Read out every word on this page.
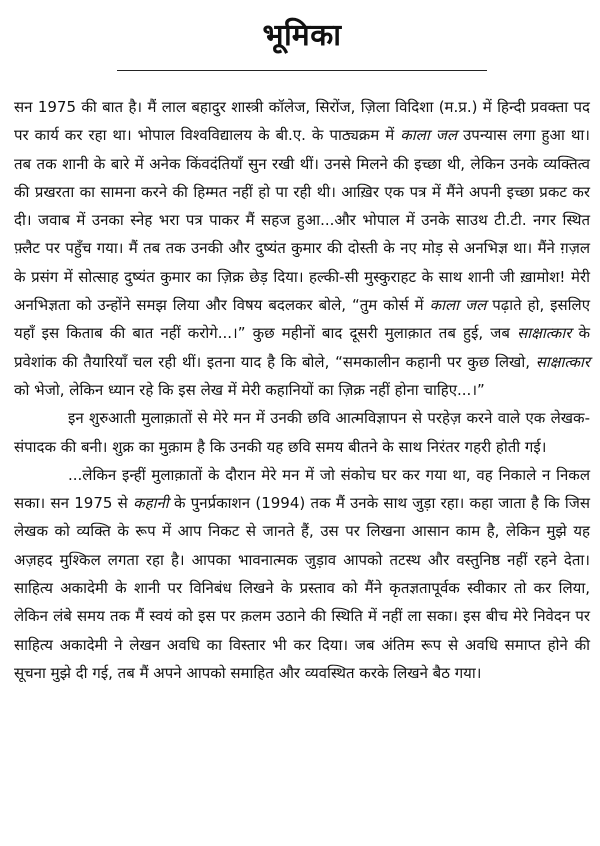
भूमिका

सन 1975 की बात है। मैं लाल बहादुर शास्त्री कॉलेज, सिरोंज, ज़िला विदिशा (म.प्र.) में हिन्दी प्रवक्ता पद पर कार्य कर रहा था। भोपाल विश्वविद्यालय के बी.ए. के पाठ्यक्रम में काला जल उपन्यास लगा हुआ था। तब तक शानी के बारे में अनेक किंवदंतियाँ सुन रखी थीं। उनसे मिलने की इच्छा थी, लेकिन उनके व्यक्तित्व की प्रखरता का सामना करने की हिम्मत नहीं हो पा रही थी। आख़िर एक पत्र में मैंने अपनी इच्छा प्रकट कर दी। जवाब में उनका स्नेह भरा पत्र पाकर मैं सहज हुआ...और भोपाल में उनके साउथ टी.टी. नगर स्थित फ़्लैट पर पहुँच गया। मैं तब तक उनकी और दुष्यंत कुमार की दोस्ती के नए मोड़ से अनभिज्ञ था। मैंने ग़ज़ल के प्रसंग में सोत्साह दुष्यंत कुमार का ज़िक्र छेड़ दिया। हल्की-सी मुस्कुराहट के साथ शानी जी ख़ामोश! मेरी अनभिज्ञता को उन्होंने समझ लिया और विषय बदलकर बोले, “तुम कोर्स में काला जल पढ़ाते हो, इसलिए यहाँ इस किताब की बात नहीं करोगे...।” कुछ महीनों बाद दूसरी मुलाक़ात तब हुई, जब साक्षात्कार के प्रवेशांक की तैयारियाँ चल रही थीं। इतना याद है कि बोले, “समकालीन कहानी पर कुछ लिखो, साक्षात्कार को भेजो, लेकिन ध्यान रहे कि इस लेख में मेरी कहानियों का ज़िक्र नहीं होना चाहिए...।”

इन शुरुआती मुलाक़ातों से मेरे मन में उनकी छवि आत्मविज्ञापन से परहेज़ करने वाले एक लेखक-संपादक की बनी। शुक्र का मुक़ाम है कि उनकी यह छवि समय बीतने के साथ निरंतर गहरी होती गई।

...लेकिन इन्हीं मुलाक़ातों के दौरान मेरे मन में जो संकोच घर कर गया था, वह निकाले न निकल सका। सन 1975 से कहानी के पुनर्प्रकाशन (1994) तक मैं उनके साथ जुड़ा रहा। कहा जाता है कि जिस लेखक को व्यक्ति के रूप में आप निकट से जानते हैं, उस पर लिखना आसान काम है, लेकिन मुझे यह अज़हद मुश्किल लगता रहा है। आपका भावनात्मक जुड़ाव आपको तटस्थ और वस्तुनिष्ठ नहीं रहने देता। साहित्य अकादेमी के शानी पर विनिबंध लिखने के प्रस्ताव को मैंने कृतज्ञतापूर्वक स्वीकार तो कर लिया, लेकिन लंबे समय तक मैं स्वयं को इस पर क़लम उठाने की स्थिति में नहीं ला सका। इस बीच मेरे निवेदन पर साहित्य अकादेमी ने लेखन अवधि का विस्तार भी कर दिया। जब अंतिम रूप से अवधि समाप्त होने की सूचना मुझे दी गई, तब मैं अपने आपको समाहित और व्यवस्थित करके लिखने बैठ गया।
